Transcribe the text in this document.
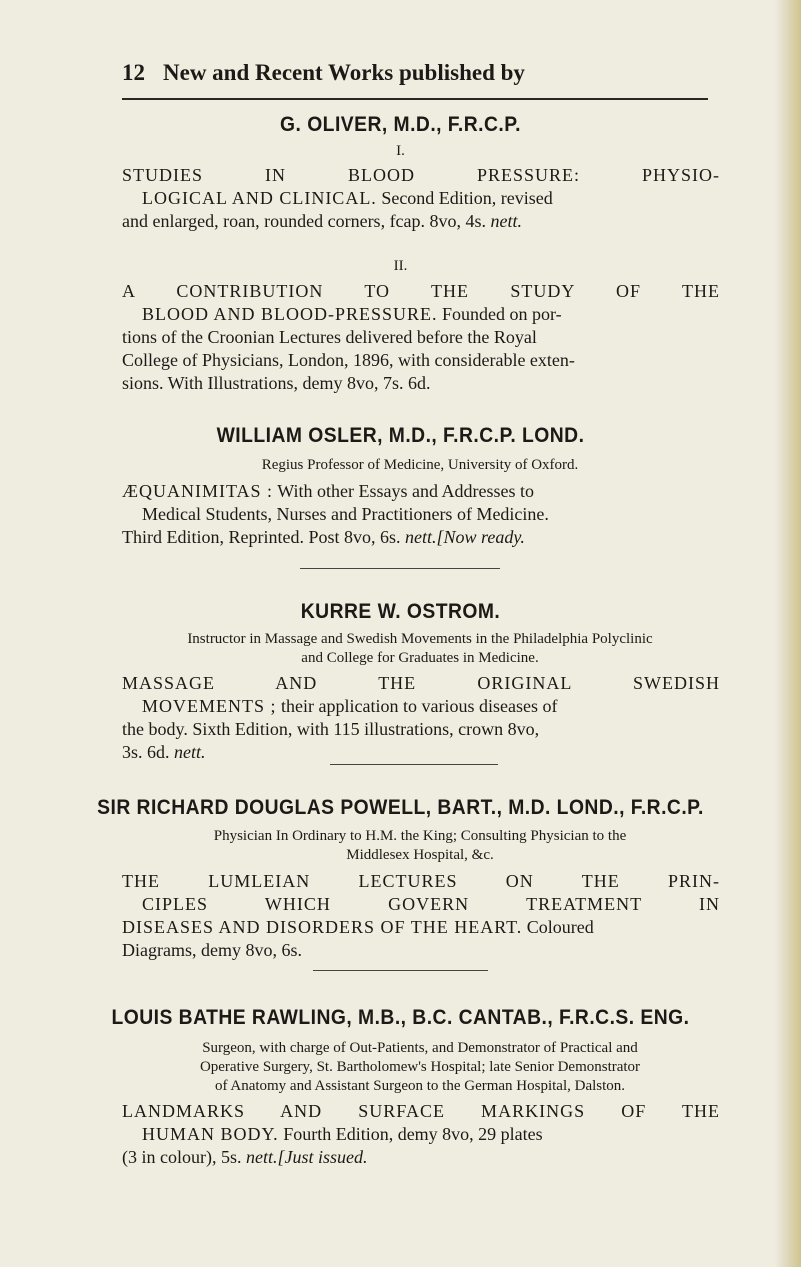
12 New and Recent Works published by
G. OLIVER, M.D., F.R.C.P.
I.
STUDIES IN BLOOD PRESSURE: PHYSIO-
LOGICAL AND CLINICAL. Second Edition, revised
and enlarged, roan, rounded corners, fcap. 8vo, 4s. nett.
II.
A CONTRIBUTION TO THE STUDY OF THE
BLOOD AND BLOOD-PRESSURE. Founded on por-
tions of the Croonian Lectures delivered before the Royal
College of Physicians, London, 1896, with considerable exten-
sions. With Illustrations, demy 8vo, 7s. 6d.
WILLIAM OSLER, M.D., F.R.C.P. LOND.
Regius Professor of Medicine, University of Oxford.
ÆQUANIMITAS : With other Essays and Addresses to
Medical Students, Nurses and Practitioners of Medicine.
Third Edition, Reprinted. Post 8vo, 6s. nett.[Now ready.
KURRE W. OSTROM.
Instructor in Massage and Swedish Movements in the Philadelphia Polyclinic
and College for Graduates in Medicine.
MASSAGE AND THE ORIGINAL SWEDISH
MOVEMENTS ; their application to various diseases of
the body. Sixth Edition, with 115 illustrations, crown 8vo,
3s. 6d. nett.
SIR RICHARD DOUGLAS POWELL, BART., M.D. LOND., F.R.C.P.
Physician In Ordinary to H.M. the King; Consulting Physician to the
Middlesex Hospital, &c.
THE LUMLEIAN LECTURES ON THE PRIN-
CIPLES WHICH GOVERN TREATMENT IN
DISEASES AND DISORDERS OF THE HEART. Coloured
Diagrams, demy 8vo, 6s.
LOUIS BATHE RAWLING, M.B., B.C. CANTAB., F.R.C.S. ENG.
Surgeon, with charge of Out-Patients, and Demonstrator of Practical and
Operative Surgery, St. Bartholomew's Hospital; late Senior Demonstrator
of Anatomy and Assistant Surgeon to the German Hospital, Dalston.
LANDMARKS AND SURFACE MARKINGS OF THE
HUMAN BODY. Fourth Edition, demy 8vo, 29 plates
(3 in colour), 5s. nett.[Just issued.
